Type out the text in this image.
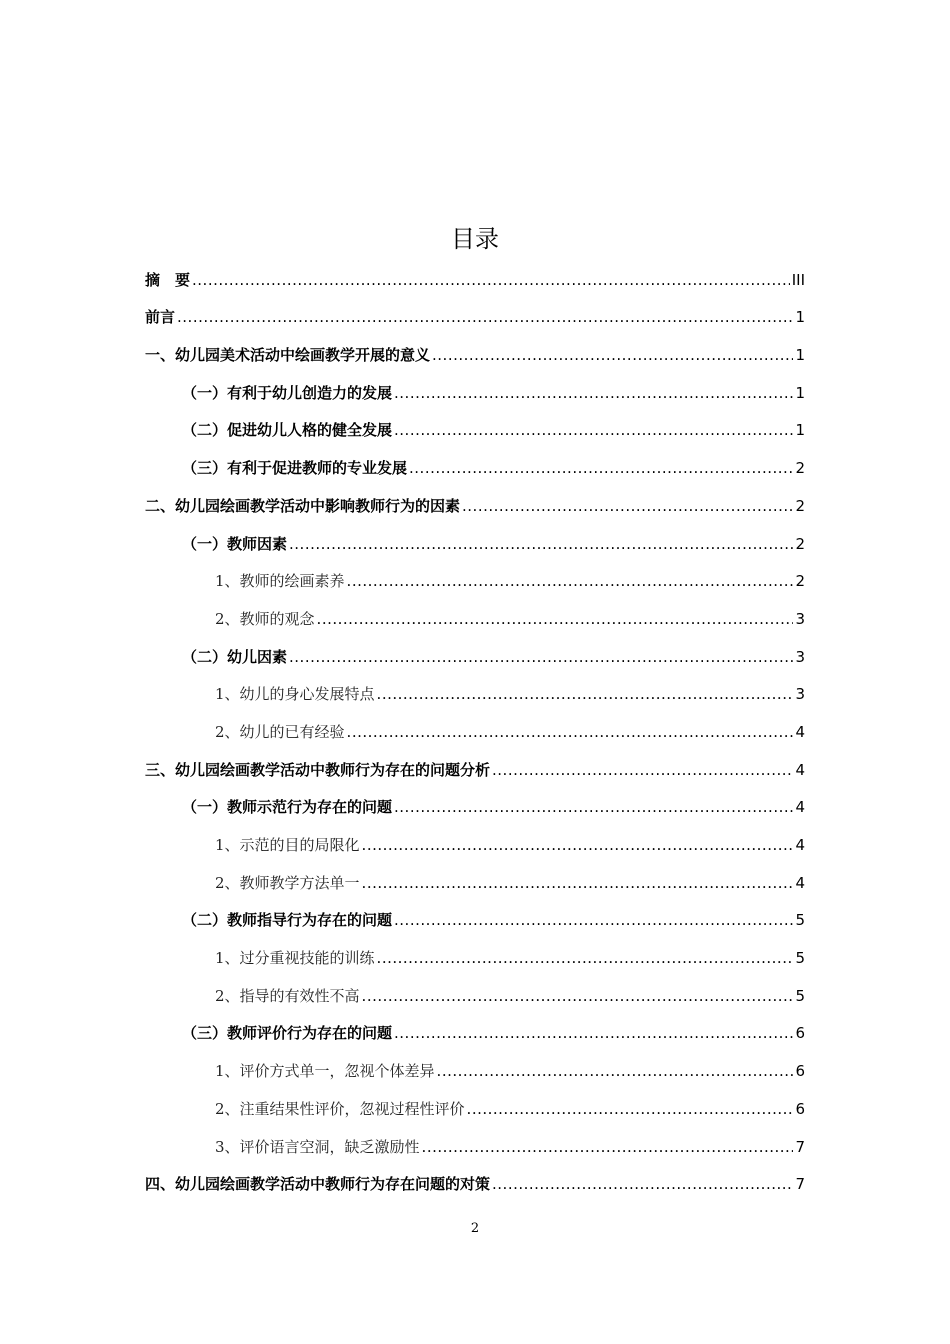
目录
摘　要 .....	III
前言 .....	1
一、幼儿园美术活动中绘画教学开展的意义 .....	1
（一）有利于幼儿创造力的发展 .....	1
（二）促进幼儿人格的健全发展 .....	1
（三）有利于促进教师的专业发展 .....	2
二、幼儿园绘画教学活动中影响教师行为的因素 .....	2
（一）教师因素 .....	2
1、教师的绘画素养 .....	2
2、教师的观念 .....	3
（二）幼儿因素 .....	3
1、幼儿的身心发展特点 .....	3
2、幼儿的已有经验 .....	4
三、幼儿园绘画教学活动中教师行为存在的问题分析 .....	4
（一）教师示范行为存在的问题 .....	4
1、示范的目的局限化 .....	4
2、教师教学方法单一 .....	4
（二）教师指导行为存在的问题 .....	5
1、过分重视技能的训练 .....	5
2、指导的有效性不高 .....	5
（三）教师评价行为存在的问题 .....	6
1、评价方式单一，忽视个体差异 .....	6
2、注重结果性评价，忽视过程性评价 .....	6
3、评价语言空洞，缺乏激励性 .....	7
四、幼儿园绘画教学活动中教师行为存在问题的对策 .....	7
2
